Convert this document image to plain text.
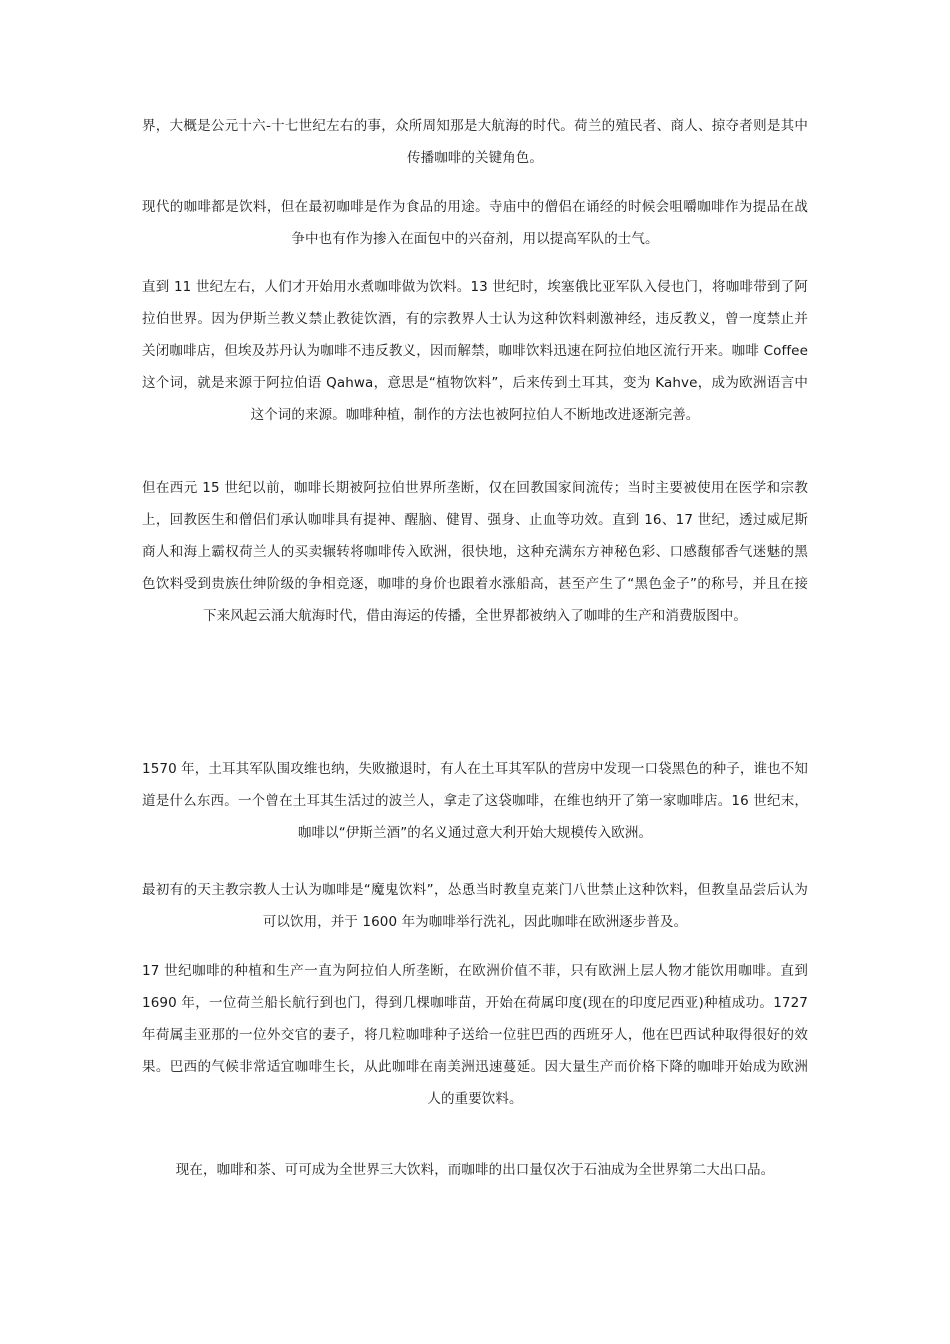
界，大概是公元十六-十七世纪左右的事，众所周知那是大航海的时代。荷兰的殖民者、商人、掠夺者则是其中传播咖啡的关键角色。

现代的咖啡都是饮料，但在最初咖啡是作为食品的用途。寺庙中的僧侣在诵经的时候会咀嚼咖啡作为提品在战争中也有作为掺入在面包中的兴奋剂，用以提高军队的士气。

直到 11 世纪左右，人们才开始用水煮咖啡做为饮料。13 世纪时，埃塞俄比亚军队入侵也门，将咖啡带到了阿拉伯世界。因为伊斯兰教义禁止教徒饮酒，有的宗教界人士认为这种饮料刺激神经，违反教义，曾一度禁止并关闭咖啡店，但埃及苏丹认为咖啡不违反教义，因而解禁，咖啡饮料迅速在阿拉伯地区流行开来。咖啡 Coffee 这个词，就是来源于阿拉伯语 Qahwa，意思是“植物饮料”，后来传到土耳其，变为 Kahve，成为欧洲语言中这个词的来源。咖啡种植，制作的方法也被阿拉伯人不断地改进逐渐完善。

但在西元 15 世纪以前，咖啡长期被阿拉伯世界所垄断，仅在回教国家间流传；当时主要被使用在医学和宗教上，回教医生和僧侣们承认咖啡具有提神、醒脑、健胃、强身、止血等功效。直到 16、17 世纪，透过威尼斯商人和海上霸权荷兰人的买卖辗转将咖啡传入欧洲，很快地，这种充满东方神秘色彩、口感馥郁香气迷魅的黑色饮料受到贵族仕绅阶级的争相竞逐，咖啡的身价也跟着水涨船高，甚至产生了“黑色金子”的称号，并且在接下来风起云涌大航海时代，借由海运的传播，全世界都被纳入了咖啡的生产和消费版图中。

1570 年，土耳其军队围攻维也纳，失败撤退时，有人在土耳其军队的营房中发现一口袋黑色的种子，谁也不知道是什么东西。一个曾在土耳其生活过的波兰人，拿走了这袋咖啡，在维也纳开了第一家咖啡店。16 世纪末，咖啡以“伊斯兰酒”的名义通过意大利开始大规模传入欧洲。

最初有的天主教宗教人士认为咖啡是“魔鬼饮料”，怂恿当时教皇克莱门八世禁止这种饮料，但教皇品尝后认为可以饮用，并于 1600 年为咖啡举行洗礼，因此咖啡在欧洲逐步普及。

17 世纪咖啡的种植和生产一直为阿拉伯人所垄断，在欧洲价值不菲，只有欧洲上层人物才能饮用咖啡。直到 1690 年，一位荷兰船长航行到也门，得到几棵咖啡苗，开始在荷属印度(现在的印度尼西亚)种植成功。1727 年荷属圭亚那的一位外交官的妻子，将几粒咖啡种子送给一位驻巴西的西班牙人，他在巴西试种取得很好的效果。巴西的气候非常适宜咖啡生长，从此咖啡在南美洲迅速蔓延。因大量生产而价格下降的咖啡开始成为欧洲人的重要饮料。

现在，咖啡和茶、可可成为全世界三大饮料，而咖啡的出口量仅次于石油成为全世界第二大出口品。
